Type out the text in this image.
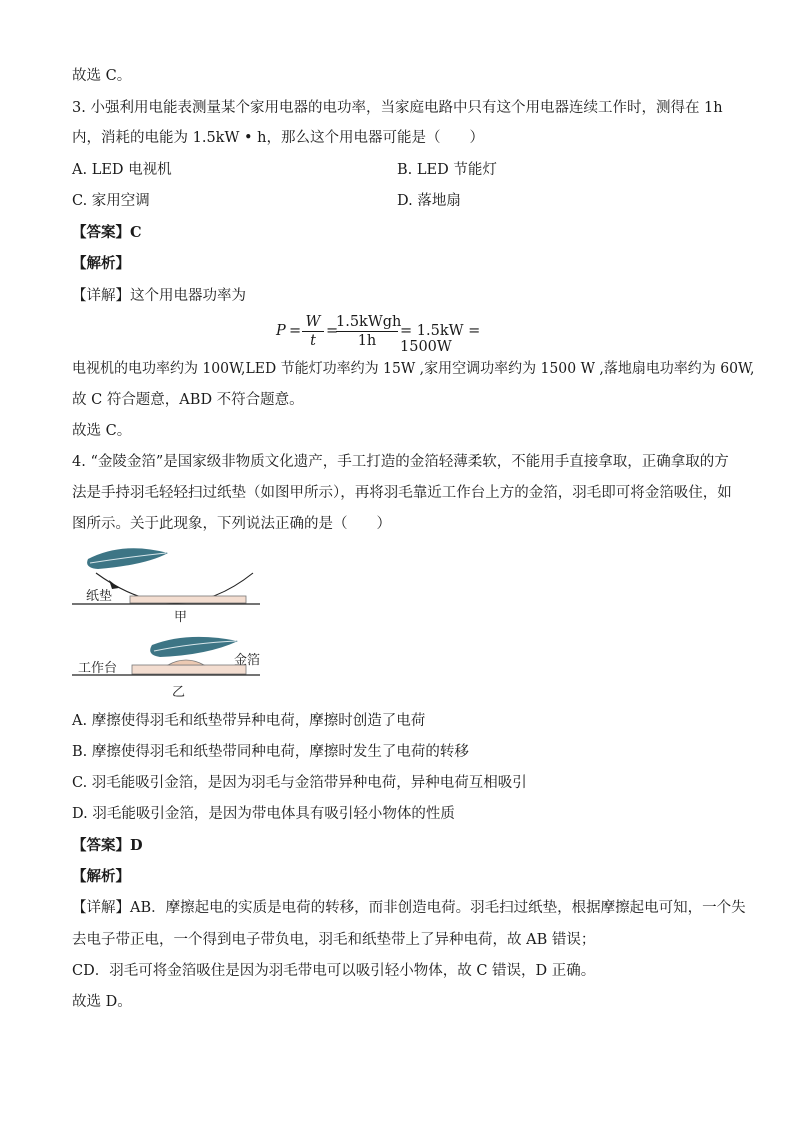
故选 C。
3. 小强利用电能表测量某个家用电器的电功率，当家庭电路中只有这个用电器连续工作时，测得在 1h
内，消耗的电能为 1.5kW • h，那么这个用电器可能是（　　）
A. LED 电视机	B. LED 节能灯
C. 家用空调	D. 落地扇
【答案】C
【解析】
【详解】这个用电器功率为
P =
W
t
=
1.5kWgh
1h
= 1.5kW = 1500W
电视机的电功率约为 100W,LED 节能灯功率约为 15W ,家用空调功率约为 1500 W ,落地扇电功率约为 60W,
故 C 符合题意，ABD 不符合题意。
故选 C。
4. “金陵金箔”是国家级非物质文化遗产，手工打造的金箔轻薄柔软，不能用手直接拿取，正确拿取的方
法是手持羽毛轻轻扫过纸垫（如图甲所示），再将羽毛靠近工作台上方的金箔，羽毛即可将金箔吸住，如
图所示。关于此现象，下列说法正确的是（　　）
纸垫
甲
工作台
金箔
乙
A. 摩擦使得羽毛和纸垫带异种电荷，摩擦时创造了电荷
B. 摩擦使得羽毛和纸垫带同种电荷，摩擦时发生了电荷的转移
C. 羽毛能吸引金箔，是因为羽毛与金箔带异种电荷，异种电荷互相吸引
D. 羽毛能吸引金箔，是因为带电体具有吸引轻小物体的性质
【答案】D
【解析】
【详解】AB．摩擦起电的实质是电荷的转移，而非创造电荷。羽毛扫过纸垫，根据摩擦起电可知，一个失
去电子带正电，一个得到电子带负电，羽毛和纸垫带上了异种电荷，故 AB 错误；
CD．羽毛可将金箔吸住是因为羽毛带电可以吸引轻小物体，故 C 错误，D 正确。
故选 D。
